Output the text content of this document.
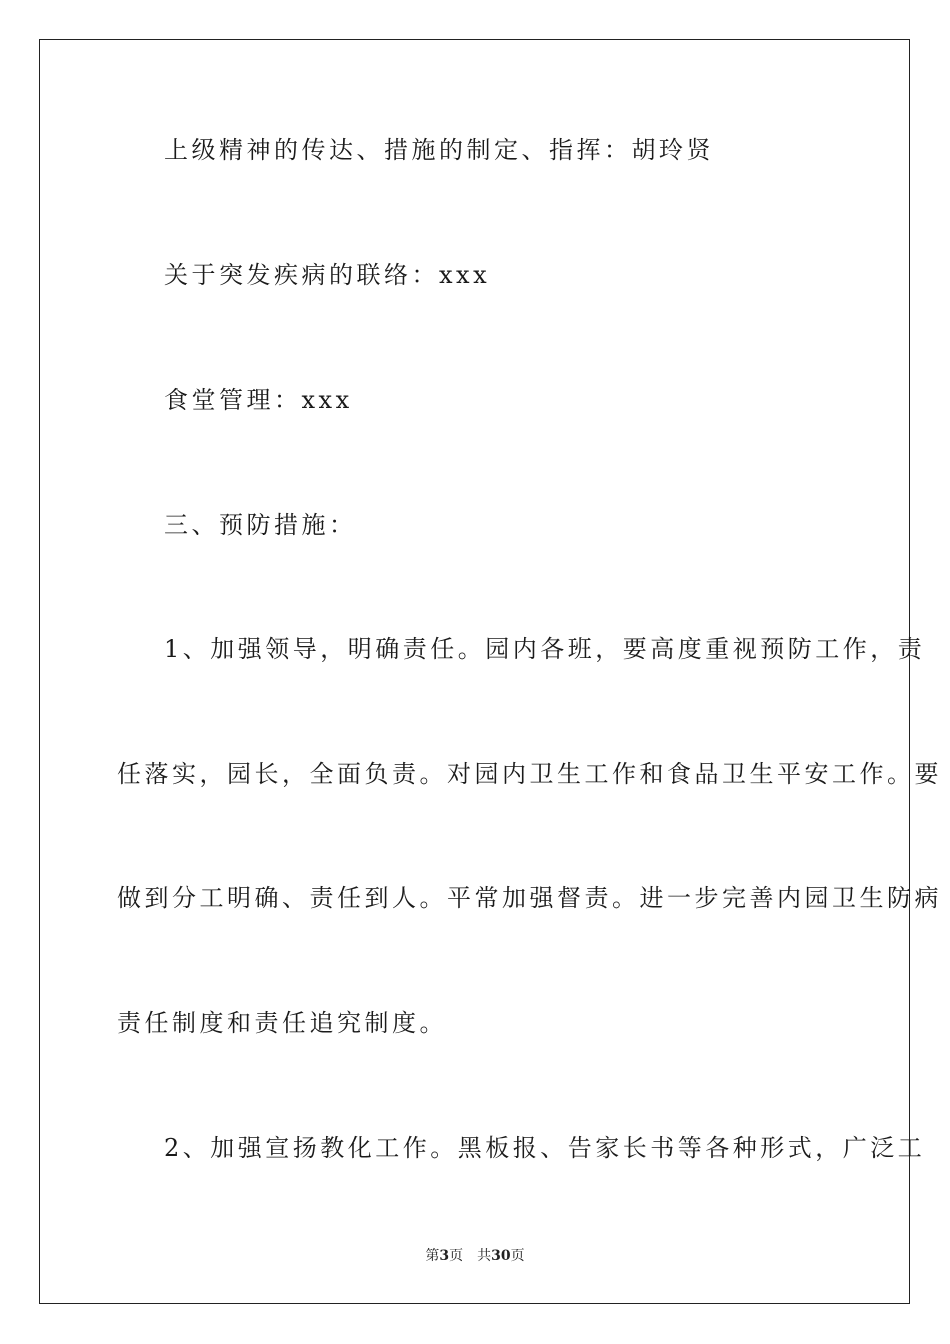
上级精神的传达、措施的制定、指挥：胡玲贤
关于突发疾病的联络：xxx
食堂管理：xxx
三、预防措施：
1、加强领导，明确责任。园内各班，要高度重视预防工作，责
任落实，园长，全面负责。对园内卫生工作和食品卫生平安工作。要
做到分工明确、责任到人。平常加强督责。进一步完善内园卫生防病
责任制度和责任追究制度。
2、加强宣扬教化工作。黑板报、告家长书等各种形式，广泛工
第3页 共30页
